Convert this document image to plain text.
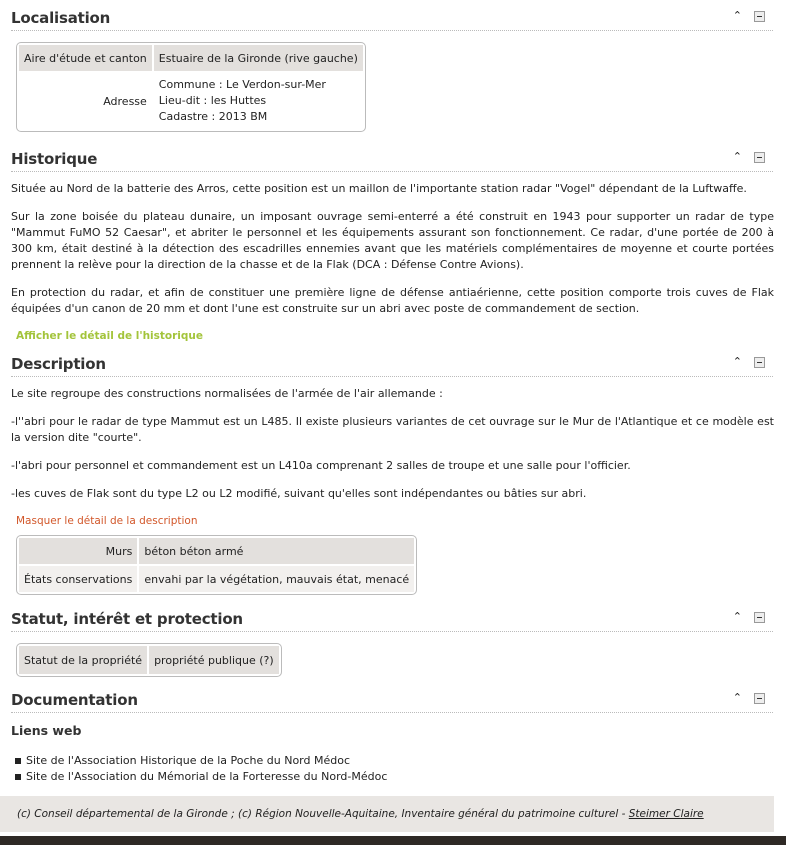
Localisation	⌃
Aire d'étude et canton	Estuaire de la Gironde (rive gauche)
Adresse	Commune : Le Verdon-sur-Mer
Lieu-dit : les Huttes
Cadastre : 2013 BM
Historique	⌃

Située au Nord de la batterie des Arros, cette position est un maillon de l'importante station radar "Vogel" dépendant de la Luftwaffe.

Sur la zone boisée du plateau dunaire, un imposant ouvrage semi-enterré a été construit en 1943 pour supporter un radar de type "Mammut FuMO 52 Caesar", et abriter le personnel et les équipements assurant son fonctionnement. Ce radar, d'une portée de 200 à 300 km, était destiné à la détection des escadrilles ennemies avant que les matériels complémentaires de moyenne et courte portées prennent la relève pour la direction de la chasse et de la Flak (DCA : Défense Contre Avions).

En protection du radar, et afin de constituer une première ligne de défense antiaérienne, cette position comporte trois cuves de Flak équipées d'un canon de 20 mm et dont l'une est construite sur un abri avec poste de commandement de section.

Afficher le détail de l'historique
Description	⌃

Le site regroupe des constructions normalisées de l'armée de l'air allemande :

-l''abri pour le radar de type Mammut est un L485. Il existe plusieurs variantes de cet ouvrage sur le Mur de l'Atlantique et ce modèle est la version dite "courte".

-l'abri pour personnel et commandement est un L410a comprenant 2 salles de troupe et une salle pour l'officier.

-les cuves de Flak sont du type L2 ou L2 modifié, suivant qu'elles sont indépendantes ou bâties sur abri.

Masquer le détail de la description
Murs	béton béton armé
États conservations	envahi par la végétation, mauvais état, menacé
Statut, intérêt et protection	⌃
Statut de la propriété	propriété publique (?)
Documentation	⌃
Liens web
Site de l'Association Historique de la Poche du Nord Médoc
Site de l'Association du Mémorial de la Forteresse du Nord-Médoc
(c) Conseil départemental de la Gironde ; (c) Région Nouvelle-Aquitaine, Inventaire général du patrimoine culturel - Steimer Claire
